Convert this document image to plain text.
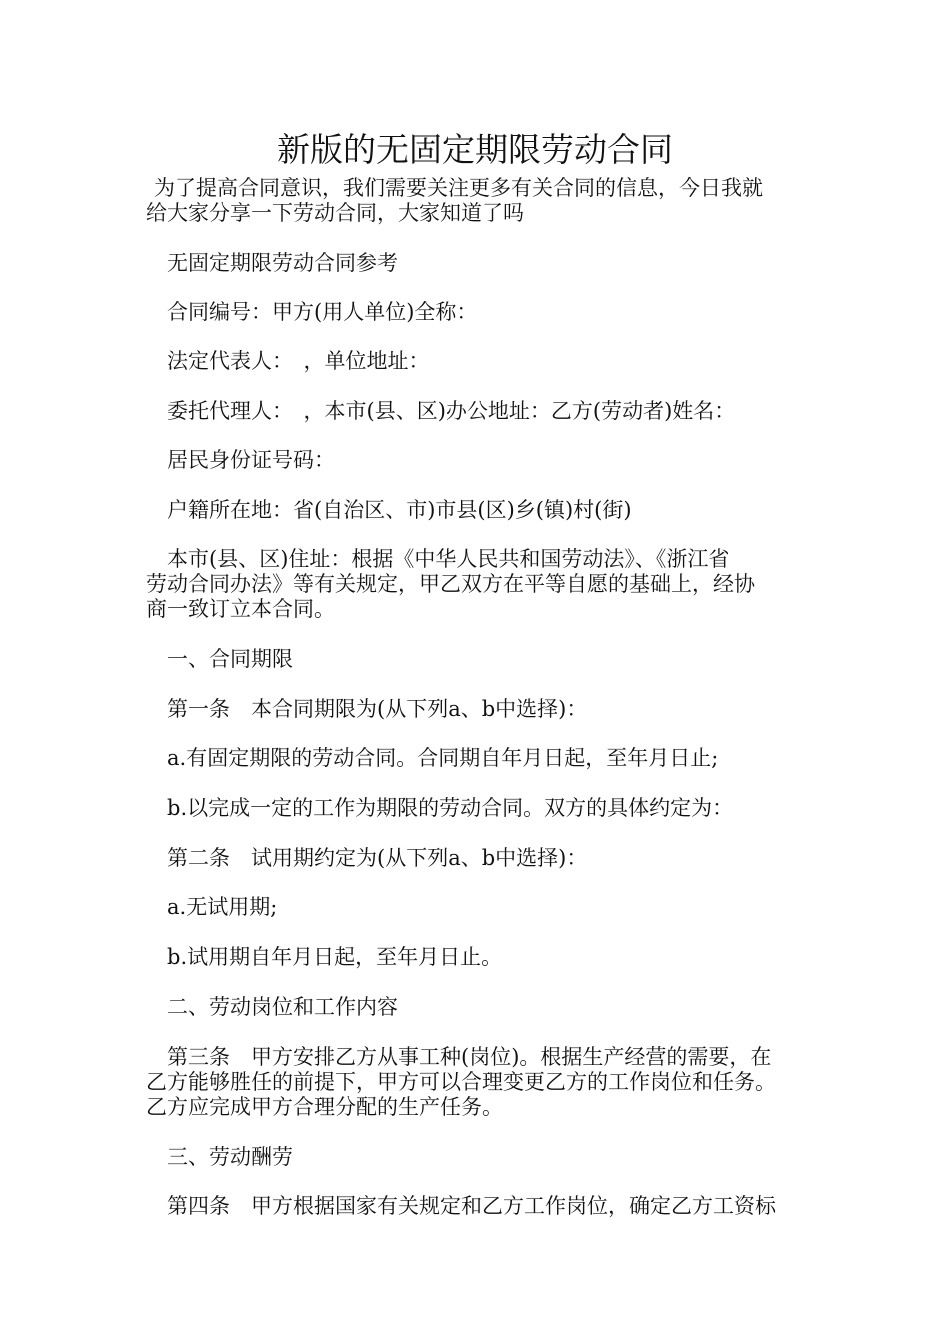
新版的无固定期限劳动合同
为了提高合同意识，我们需要关注更多有关合同的信息，今日我就
给大家分享一下劳动合同，大家知道了吗
无固定期限劳动合同参考
合同编号：甲方(用人单位)全称：
法定代表人：　，单位地址：
委托代理人：　，本市(县、区)办公地址：乙方(劳动者)姓名：
居民身份证号码：
户籍所在地：省(自治区、市)市县(区)乡(镇)村(街)
本市(县、区)住址：根据《中华人民共和国劳动法》、《浙江省
劳动合同办法》等有关规定，甲乙双方在平等自愿的基础上，经协
商一致订立本合同。
一、合同期限
第一条　本合同期限为(从下列a、b中选择)：
a.有固定期限的劳动合同。合同期自年月日起，至年月日止;
b.以完成一定的工作为期限的劳动合同。双方的具体约定为：
第二条　试用期约定为(从下列a、b中选择)：
a.无试用期;
b.试用期自年月日起，至年月日止。
二、劳动岗位和工作内容
第三条　甲方安排乙方从事工种(岗位)。根据生产经营的需要，在
乙方能够胜任的前提下，甲方可以合理变更乙方的工作岗位和任务。
乙方应完成甲方合理分配的生产任务。
三、劳动酬劳
第四条　甲方根据国家有关规定和乙方工作岗位，确定乙方工资标
